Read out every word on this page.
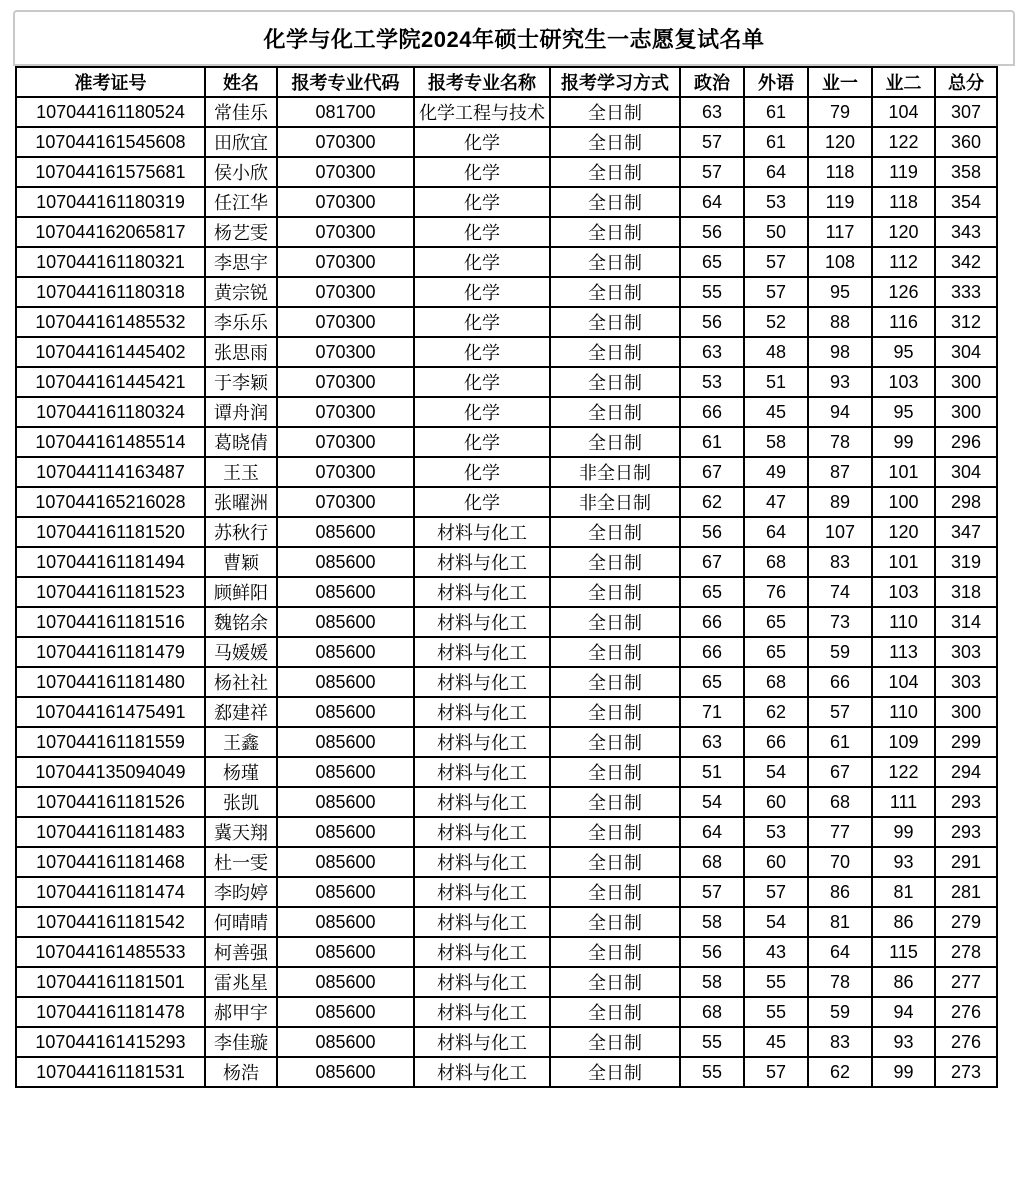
化学与化工学院2024年硕士研究生一志愿复试名单
准考证号	姓名	报考专业代码	报考专业名称	报考学习方式	政治	外语	业一	业二	总分
107044161180524	常佳乐	081700	化学工程与技术	全日制	63	61	79	104	307
107044161545608	田欣宜	070300	化学	全日制	57	61	120	122	360
107044161575681	侯小欣	070300	化学	全日制	57	64	118	119	358
107044161180319	任江华	070300	化学	全日制	64	53	119	118	354
107044162065817	杨艺雯	070300	化学	全日制	56	50	117	120	343
107044161180321	李思宇	070300	化学	全日制	65	57	108	112	342
107044161180318	黄宗锐	070300	化学	全日制	55	57	95	126	333
107044161485532	李乐乐	070300	化学	全日制	56	52	88	116	312
107044161445402	张思雨	070300	化学	全日制	63	48	98	95	304
107044161445421	于李颖	070300	化学	全日制	53	51	93	103	300
107044161180324	谭舟润	070300	化学	全日制	66	45	94	95	300
107044161485514	葛晓倩	070300	化学	全日制	61	58	78	99	296
107044114163487	王玉	070300	化学	非全日制	67	49	87	101	304
107044165216028	张曜洲	070300	化学	非全日制	62	47	89	100	298
107044161181520	苏秋行	085600	材料与化工	全日制	56	64	107	120	347
107044161181494	曹颖	085600	材料与化工	全日制	67	68	83	101	319
107044161181523	顾鲜阳	085600	材料与化工	全日制	65	76	74	103	318
107044161181516	魏铭余	085600	材料与化工	全日制	66	65	73	110	314
107044161181479	马媛媛	085600	材料与化工	全日制	66	65	59	113	303
107044161181480	杨社社	085600	材料与化工	全日制	65	68	66	104	303
107044161475491	郄建祥	085600	材料与化工	全日制	71	62	57	110	300
107044161181559	王鑫	085600	材料与化工	全日制	63	66	61	109	299
107044135094049	杨瑾	085600	材料与化工	全日制	51	54	67	122	294
107044161181526	张凯	085600	材料与化工	全日制	54	60	68	111	293
107044161181483	冀天翔	085600	材料与化工	全日制	64	53	77	99	293
107044161181468	杜一雯	085600	材料与化工	全日制	68	60	70	93	291
107044161181474	李昀婷	085600	材料与化工	全日制	57	57	86	81	281
107044161181542	何晴晴	085600	材料与化工	全日制	58	54	81	86	279
107044161485533	柯善强	085600	材料与化工	全日制	56	43	64	115	278
107044161181501	雷兆星	085600	材料与化工	全日制	58	55	78	86	277
107044161181478	郝甲宇	085600	材料与化工	全日制	68	55	59	94	276
107044161415293	李佳璇	085600	材料与化工	全日制	55	45	83	93	276
107044161181531	杨浩	085600	材料与化工	全日制	55	57	62	99	273
